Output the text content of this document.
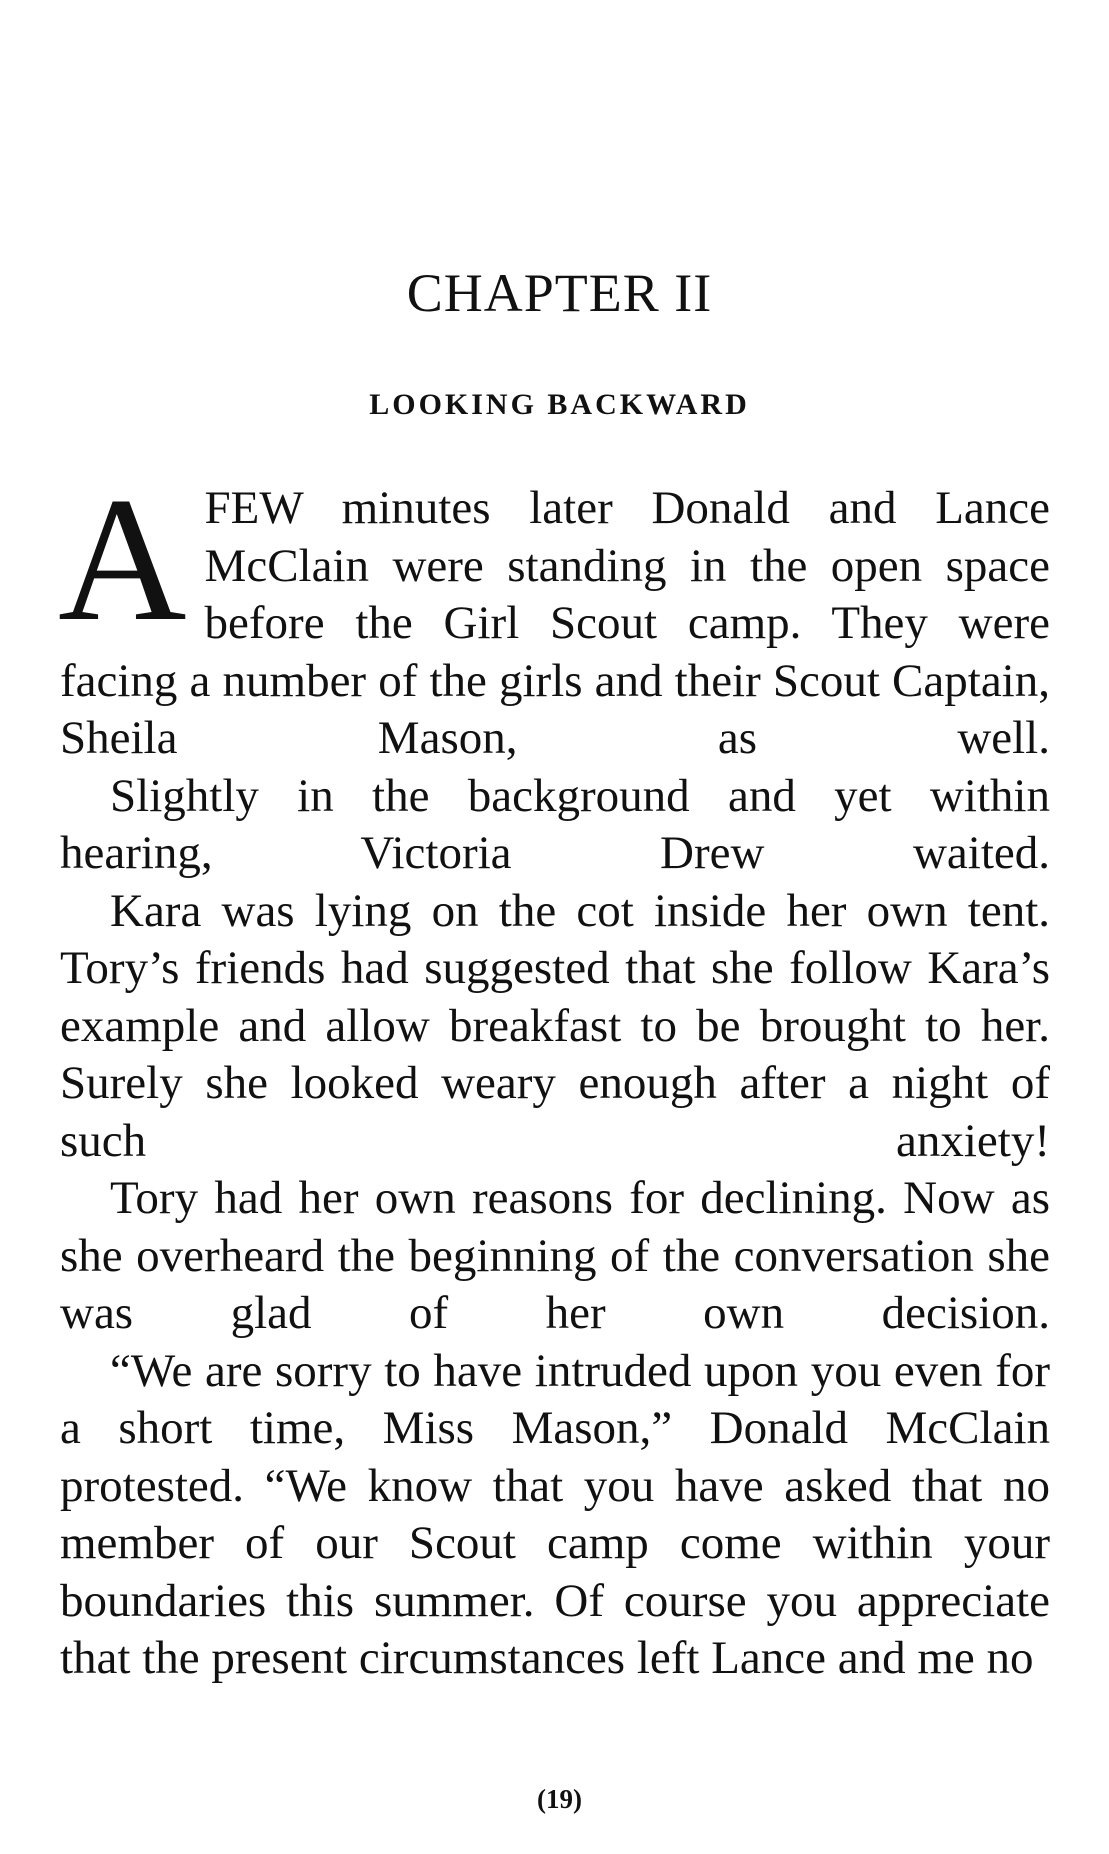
CHAPTER II
LOOKING BACKWARD

AFEW minutes later Donald and Lance McClain were standing in the open space before the Girl Scout camp. They were facing a number of the girls and their Scout Captain, Sheila Mason, as well.

Slightly in the background and yet within hearing, Victoria Drew waited.

Kara was lying on the cot inside her own tent. Tory’s friends had suggested that she follow Kara’s example and allow breakfast to be brought to her. Surely she looked weary enough after a night of such anxiety!

Tory had her own reasons for declining. Now as she overheard the beginning of the conversation she was glad of her own decision.

“We are sorry to have intruded upon you even for a short time, Miss Mason,” Donald McClain protested. “We know that you have asked that no member of our Scout camp come within your boundaries this summer. Of course you appreciate that the present circumstances left Lance and me no

(19)
